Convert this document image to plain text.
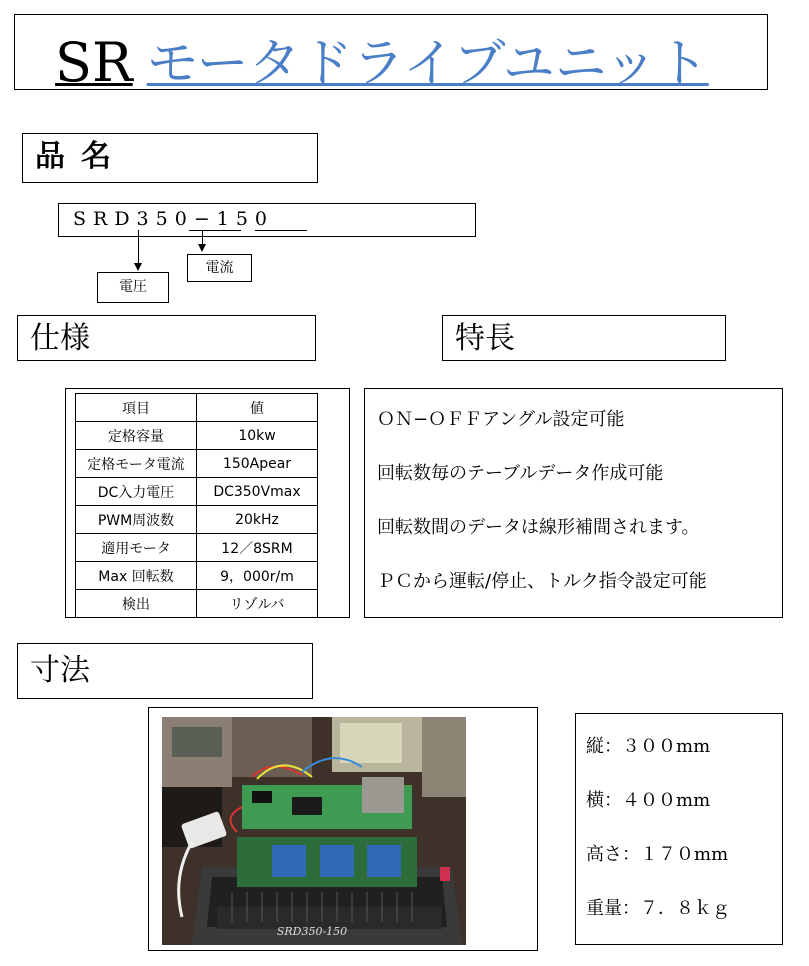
SR モータドライブユニット
品名
SRD350−150
電圧
電流
仕様	特長
項目	値
定格容量	10kw
定格モータ電流	150Apear
DC入力電圧	DC350Vmax
PWM周波数	20kHz
適用モータ	12／8SRM
Max 回転数	9，000r/m
検出	リゾルバ
ＯＮ−ＯＦＦアングル設定可能
回転数毎のテーブルデータ作成可能
回転数間のデータは線形補間されます。
ＰＣから運転/停止、トルク指令設定可能
寸法
SRD350-150
縦：３００mm
横：４００mm
高さ：１７０mm
重量：７．８ｋｇ
